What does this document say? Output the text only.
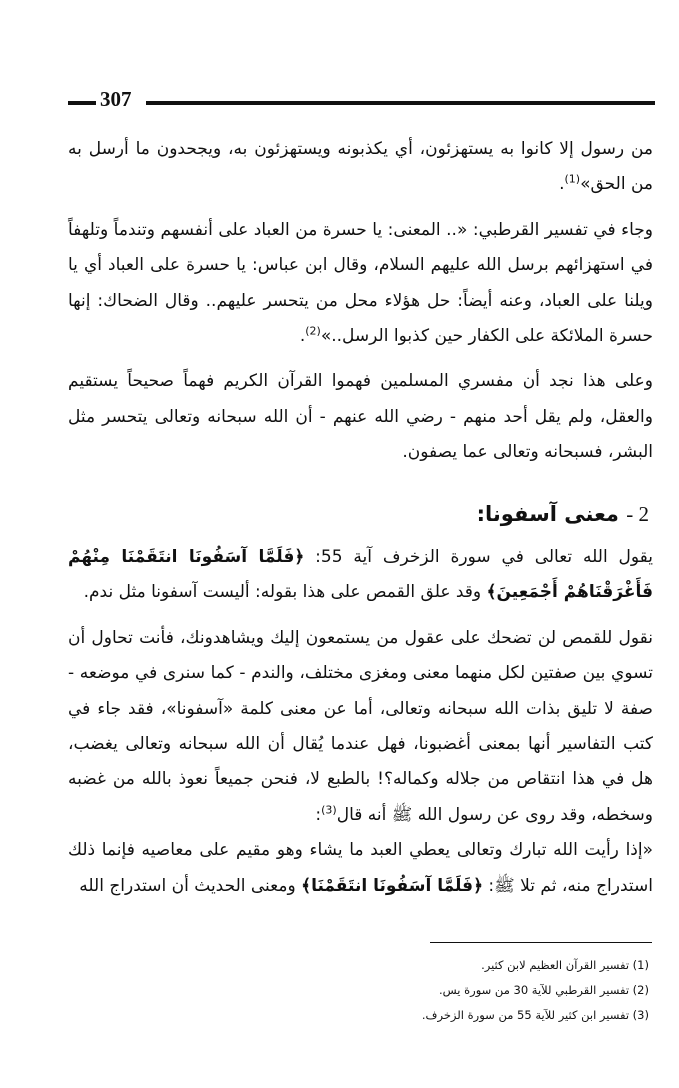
307

من رسول إلا كانوا به يستهزئون، أي يكذبونه ويستهزئون به، ويجحدون ما أرسل به من الحق»$^{(1)}$.

وجاء في تفسير القرطبي: «.. المعنى: يا حسرة من العباد على أنفسهم وتندماً وتلهفاً في استهزائهم برسل الله عليهم السلام، وقال ابن عباس: يا حسرة على العباد أي يا ويلنا على العباد، وعنه أيضاً: حل هؤلاء محل من يتحسر عليهم.. وقال الضحاك: إنها حسرة الملائكة على الكفار حين كذبوا الرسل..»$^{(2)}$.

وعلى هذا نجد أن مفسري المسلمين فهموا القرآن الكريم فهماً صحيحاً يستقيم والعقل، ولم يقل أحد منهم - رضي الله عنهم - أن الله سبحانه وتعالى يتحسر مثل البشر، فسبحانه وتعالى عما يصفون.

2 - معنى آسفونا:

يقول الله تعالى في سورة الزخرف آية 55: ﴿فَلَمَّا آسَفُونَا انتَقَمْنَا مِنْهُمْ فَأَغْرَقْنَاهُمْ أَجْمَعِينَ﴾ وقد علق القمص على هذا بقوله: أليست آسفونا مثل ندم.

نقول للقمص لن تضحك على عقول من يستمعون إليك ويشاهدونك، فأنت تحاول أن تسوي بين صفتين لكل منهما معنى ومغزى مختلف، والندم - كما سنرى في موضعه - صفة لا تليق بذات الله سبحانه وتعالى، أما عن معنى كلمة «آسفونا»، فقد جاء في كتب التفاسير أنها بمعنى أغضبونا، فهل عندما يُقال أن الله سبحانه وتعالى يغضب، هل في هذا انتقاص من جلاله وكماله؟! بالطبع لا، فنحن جميعاً نعوذ بالله من غضبه وسخطه، وقد روى عن رسول الله ﷺ أنه قال$^{(3)}$:

«إذا رأيت الله تبارك وتعالى يعطي العبد ما يشاء وهو مقيم على معاصيه فإنما ذلك استدراج منه، ثم تلا ﷺ: ﴿فَلَمَّا آسَفُونَا انتَقَمْنَا﴾ ومعنى الحديث أن استدراج الله

(1) تفسير القرآن العظيم لابن كثير.

(2) تفسير القرطبي للآية 30 من سورة يس.

(3) تفسير ابن كثير للآية 55 من سورة الزخرف.
